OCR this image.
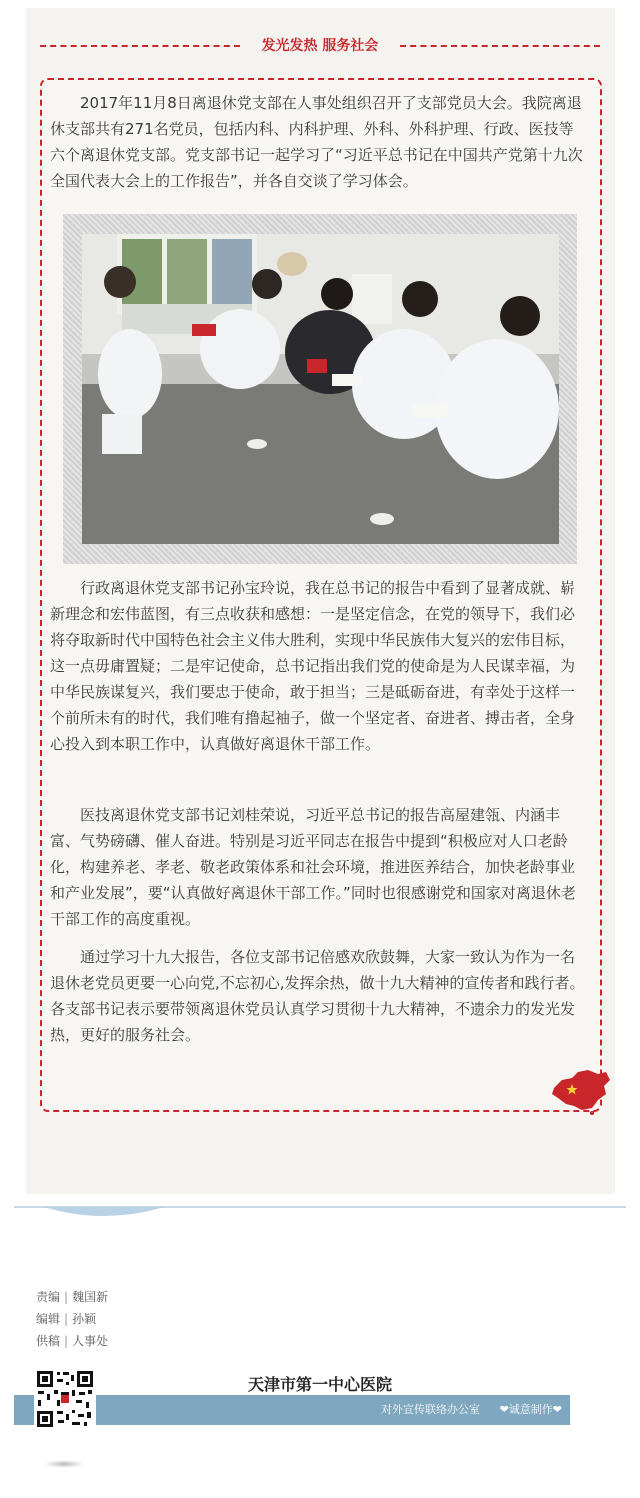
发光发热 服务社会

2017年11月8日离退休党支部在人事处组织召开了支部党员大会。我院离退休支部共有271名党员，包括内科、内科护理、外科、外科护理、行政、医技等六个离退休党支部。党支部书记一起学习了“习近平总书记在中国共产党第十九次全国代表大会上的工作报告”，并各自交谈了学习体会。

行政离退休党支部书记孙宝玲说，我在总书记的报告中看到了显著成就、崭新理念和宏伟蓝图，有三点收获和感想：一是坚定信念，在党的领导下，我们必将夺取新时代中国特色社会主义伟大胜利，实现中华民族伟大复兴的宏伟目标，这一点毋庸置疑；二是牢记使命，总书记指出我们党的使命是为人民谋幸福，为中华民族谋复兴，我们要忠于使命，敢于担当；三是砥砺奋进，有幸处于这样一个前所未有的时代，我们唯有撸起袖子，做一个坚定者、奋进者、搏击者，全身心投入到本职工作中，认真做好离退休干部工作。

医技离退休党支部书记刘桂荣说，习近平总书记的报告高屋建瓴、内涵丰富、气势磅礴、催人奋进。特别是习近平同志在报告中提到“积极应对人口老龄化，构建养老、孝老、敬老政策体系和社会环境，推进医养结合，加快老龄事业和产业发展”，要“认真做好离退休干部工作。”同时也很感谢党和国家对离退休老干部工作的高度重视。

通过学习十九大报告，各位支部书记倍感欢欣鼓舞，大家一致认为作为一名退休老党员更要一心向党,不忘初心,发挥余热，做十九大精神的宣传者和践行者。各支部书记表示要带领离退休党员认真学习贯彻十九大精神，不遗余力的发光发热，更好的服务社会。

责编 | 魏国新
编辑 | 孙颖
供稿 | 人事处
天津市第一中心医院
对外宣传联络办公室 ❤诚意制作❤
